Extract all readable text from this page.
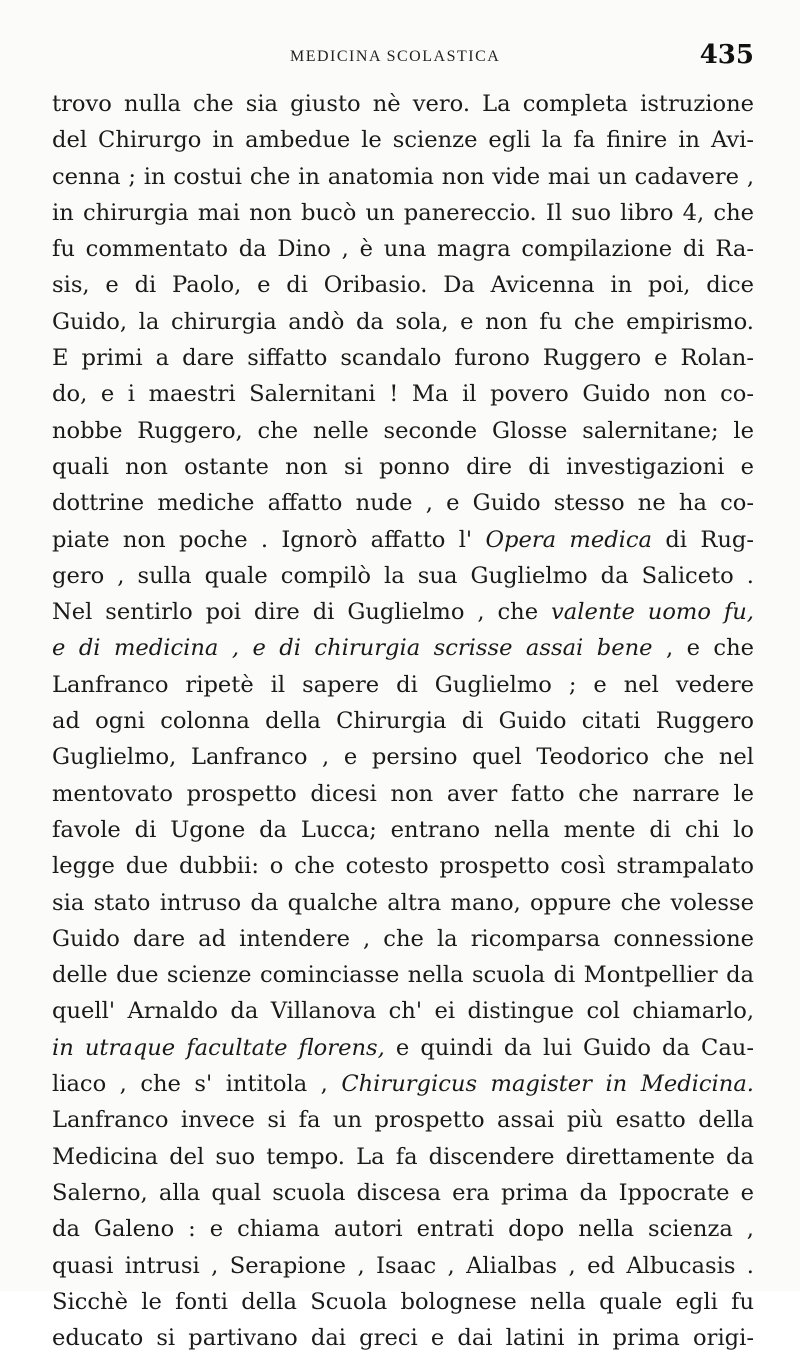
MEDICINA SCOLASTICA	435
trovo nulla che sia giusto nè vero. La completa istruzione
del Chirurgo in ambedue le scienze egli la fa finire in Avi-
cenna ; in costui che in anatomia non vide mai un cadavere ,
in chirurgia mai non bucò un panereccio. Il suo libro 4, che
fu commentato da Dino , è una magra compilazione di Ra-
sis, e di Paolo, e di Oribasio. Da Avicenna in poi, dice
Guido, la chirurgia andò da sola, e non fu che empirismo.
E primi a dare siffatto scandalo furono Ruggero e Rolan-
do, e i maestri Salernitani ! Ma il povero Guido non co-
nobbe Ruggero, che nelle seconde Glosse salernitane; le
quali non ostante non si ponno dire di investigazioni e
dottrine mediche affatto nude , e Guido stesso ne ha co-
piate non poche . Ignorò affatto l' Opera medica di Rug-
gero , sulla quale compilò la sua Guglielmo da Saliceto .
Nel sentirlo poi dire di Guglielmo , che valente uomo fu,
e di medicina , e di chirurgia scrisse assai bene , e che
Lanfranco ripetè il sapere di Guglielmo ; e nel vedere
ad ogni colonna della Chirurgia di Guido citati Ruggero
Guglielmo, Lanfranco , e persino quel Teodorico che nel
mentovato prospetto dicesi non aver fatto che narrare le
favole di Ugone da Lucca; entrano nella mente di chi lo
legge due dubbii: o che cotesto prospetto così strampalato
sia stato intruso da qualche altra mano, oppure che volesse
Guido dare ad intendere , che la ricomparsa connessione
delle due scienze cominciasse nella scuola di Montpellier da
quell' Arnaldo da Villanova ch' ei distingue col chiamarlo,
in utraque facultate florens, e quindi da lui Guido da Cau-
liaco , che s' intitola , Chirurgicus magister in Medicina.
Lanfranco invece si fa un prospetto assai più esatto della
Medicina del suo tempo. La fa discendere direttamente da
Salerno, alla qual scuola discesa era prima da Ippocrate e
da Galeno : e chiama autori entrati dopo nella scienza ,
quasi intrusi , Serapione , Isaac , Alialbas , ed Albucasis .
Sicchè le fonti della Scuola bolognese nella quale egli fu
educato si partivano dai greci e dai latini in prima origi-
